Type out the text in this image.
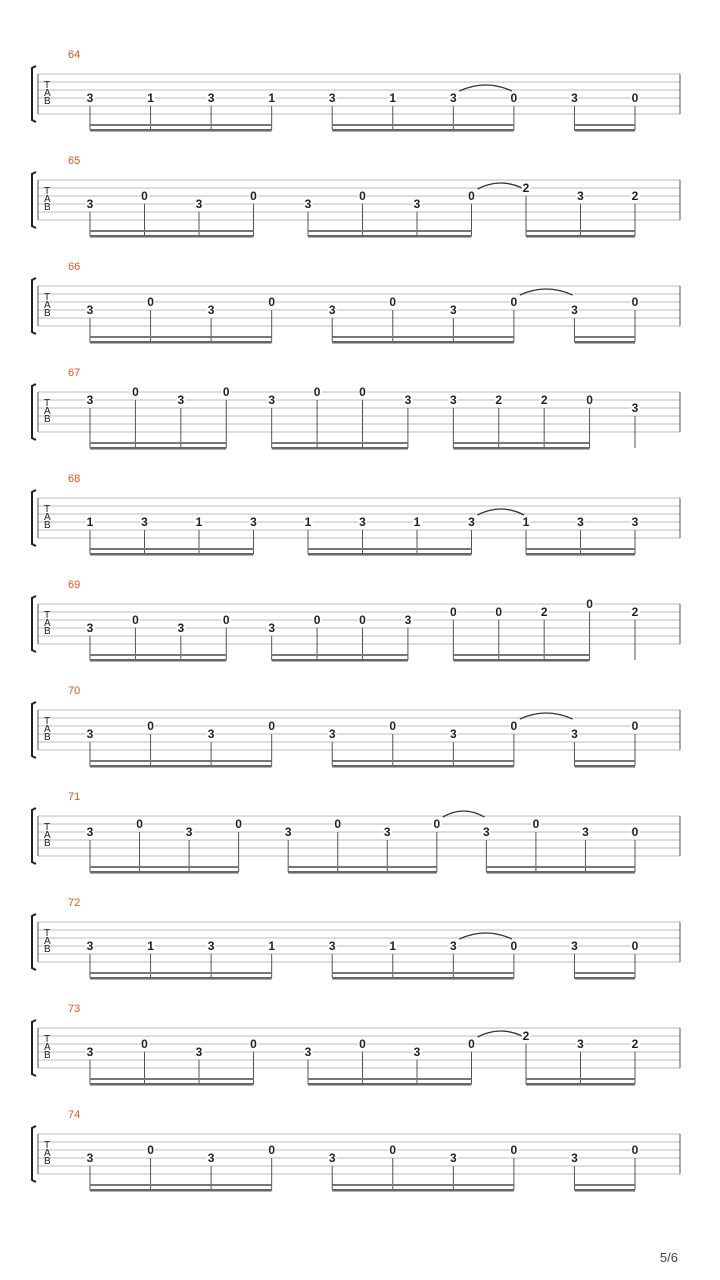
64
T
A
B	3	1	3	1	3	1	3	0	3	0
65
T
A
B	3
0
3
0
3
0
3
0
2
3	2
66
T
A
B	3
0
3
0
3
0
3
0
3
0
67
T
A
B
3
0
3
0
3
0	0
3	3	2	2	0
3
68
T
A
B	1	3	1	3	1	3	1	3	1	3	3
69
T
A
B	3
0
3
0
3
0	0	3
0	0	2
0
2
70
T
A
B	3
0
3
0
3
0
3
0
3
0
71
T
A
B
3
0
3
0
3
0
3
0
3
0
3	0
72
T
A
B	3	1	3	1	3	1	3	0	3	0
73
T
A
B	3
0
3
0
3
0
3
0
2
3	2
74
T
A
B	3
0
3
0
3
0
3
0
3
0
5/6
